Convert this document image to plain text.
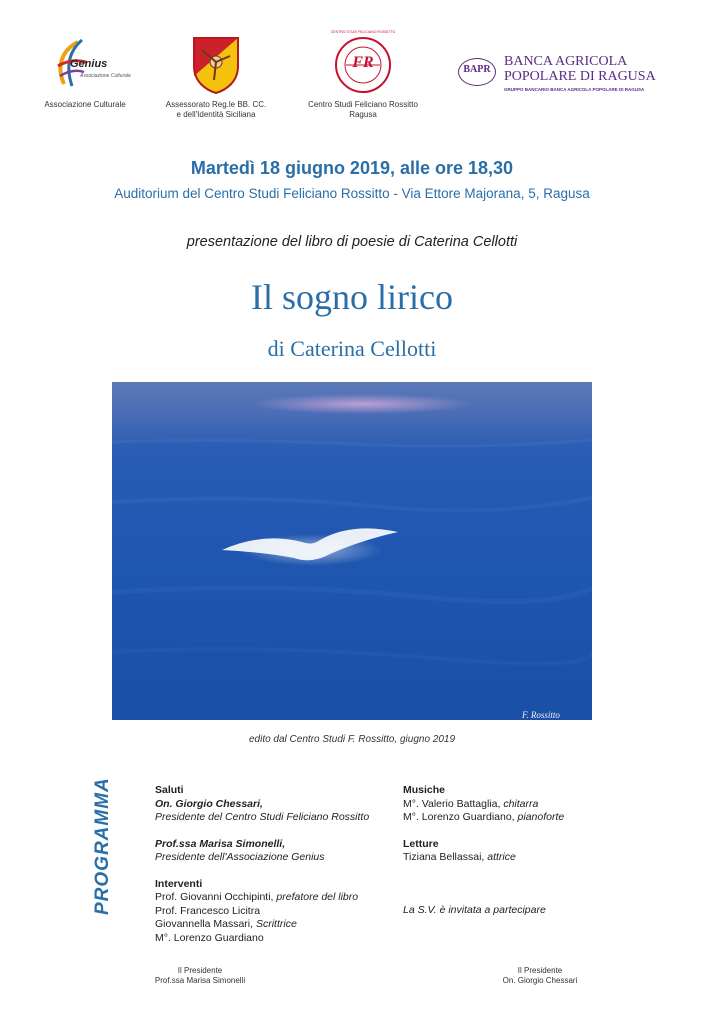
Genius
Associazione Culturale
Associazione Culturale	Assessorato Reg.le BB. CC.
e dell'Identità Siciliana
FR
CENTRO STUDI FELICIANO ROSSITTO
Centro Studi Feliciano Rossitto
Ragusa
BAPR
BANCA AGRICOLA
POPOLARE DI RAGUSA
GRUPPO BANCARIO BANCA AGRICOLA POPOLARE DI RAGUSA
Martedì 18 giugno 2019, alle ore 18,30
Auditorium del Centro Studi Feliciano Rossitto - Via Ettore Majorana, 5, Ragusa
presentazione del libro di poesie di Caterina Cellotti
Il sogno lirico
di Caterina Cellotti
F. Rossitto
edito dal Centro Studi F. Rossitto, giugno 2019
PROGRAMMA	Saluti
On. Giorgio Chessari,
Presidente del Centro Studi Feliciano Rossitto
Prof.ssa Marisa Simonelli,
Presidente dell'Associazione Genius
Interventi
Prof. Giovanni Occhipinti, prefatore del libro
Prof. Francesco Licitra
Giovannella Massari, Scrittrice
M°. Lorenzo Guardiano
Musiche
M°. Valerio Battaglia, chitarra
M°. Lorenzo Guardiano, pianoforte
Letture
Tiziana Bellassai, attrice
La S.V. è invitata a partecipare
Il Presidente
Prof.ssa Marisa Simonelli
Il Presidente
On. Giorgio Chessari
